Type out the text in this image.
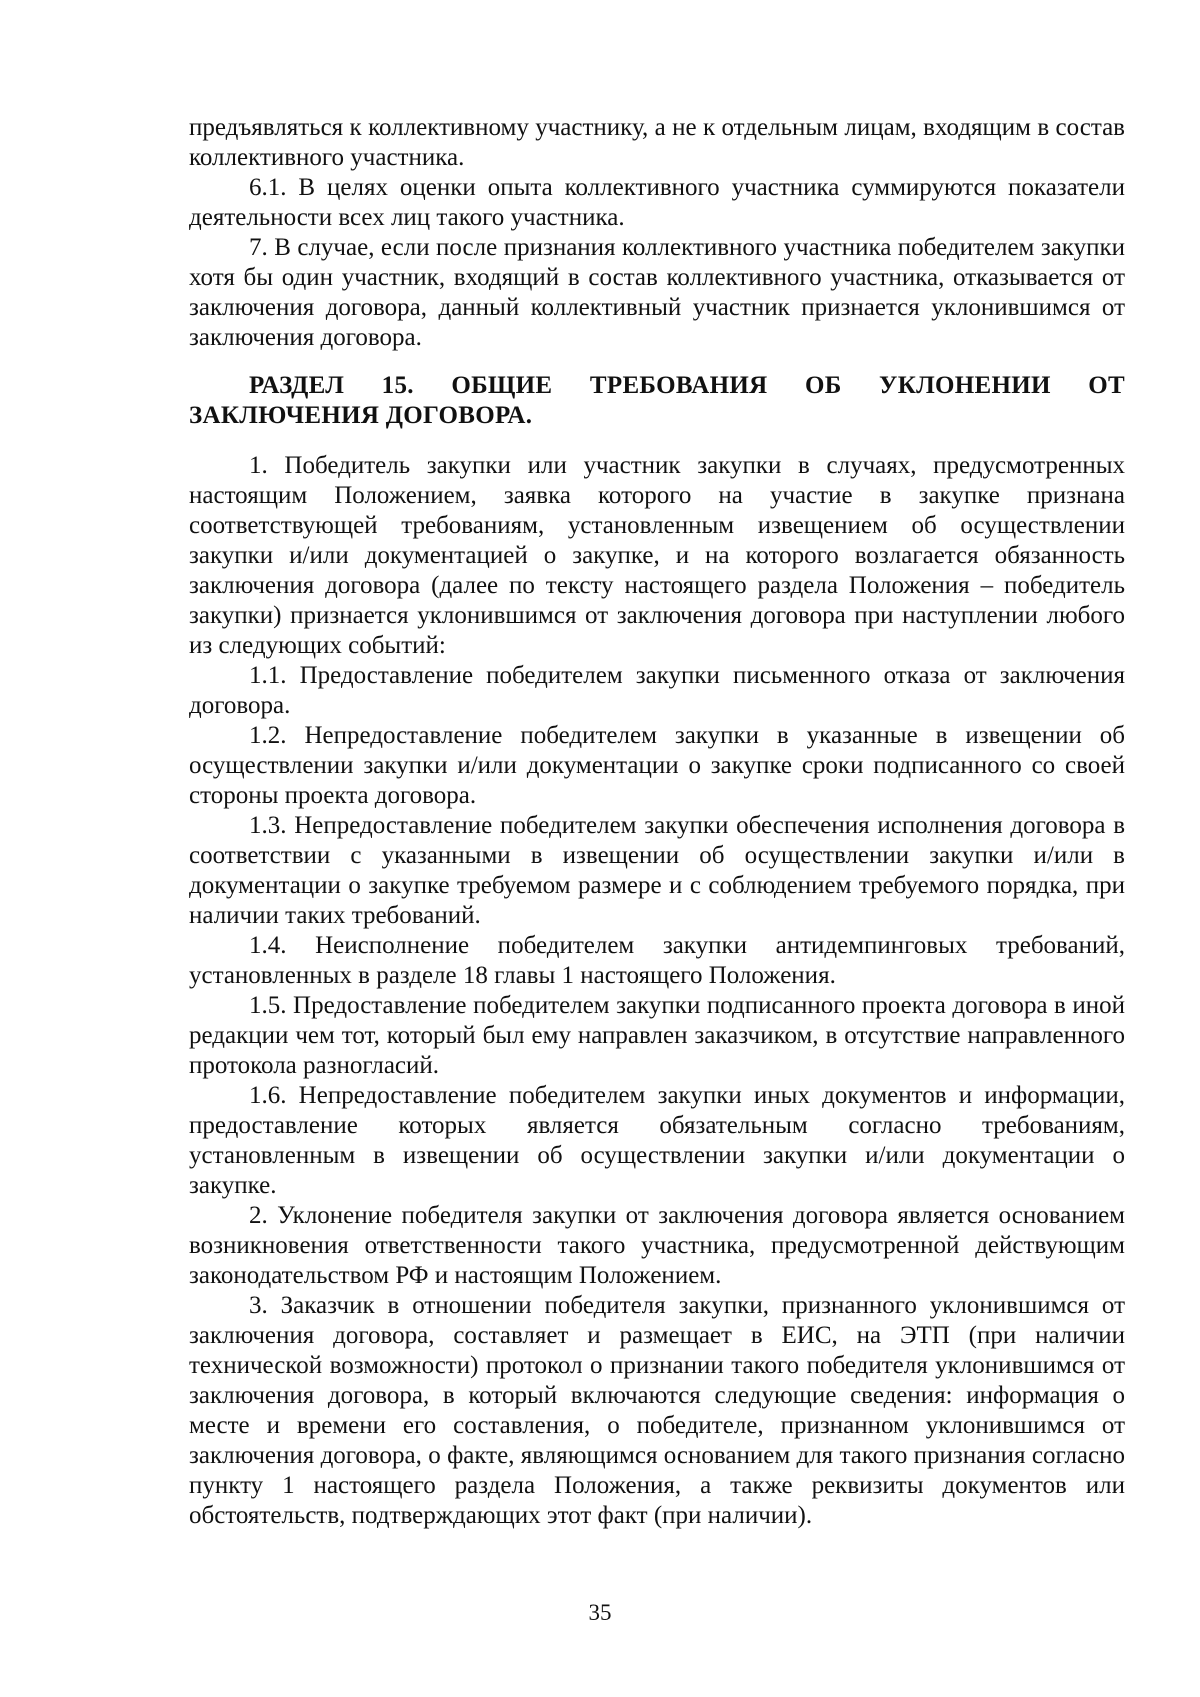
предъявляться к коллективному участнику, а не к отдельным лицам, входящим в состав коллективного участника.

6.1. В целях оценки опыта коллективного участника суммируются показатели деятельности всех лиц такого участника.

7. В случае, если после признания коллективного участника победителем закупки хотя бы один участник, входящий в состав коллективного участника, отказывается от заключения договора, данный коллективный участник признается уклонившимся от заключения договора.

РАЗДЕЛ 15. ОБЩИЕ ТРЕБОВАНИЯ ОБ УКЛОНЕНИИ ОТ ЗАКЛЮЧЕНИЯ ДОГОВОРА.

1. Победитель закупки или участник закупки в случаях, предусмотренных настоящим Положением, заявка которого на участие в закупке признана соответствующей требованиям, установленным извещением об осуществлении закупки и/или документацией о закупке, и на которого возлагается обязанность заключения договора (далее по тексту настоящего раздела Положения – победитель закупки) признается уклонившимся от заключения договора при наступлении любого из следующих событий:

1.1. Предоставление победителем закупки письменного отказа от заключения договора.

1.2. Непредоставление победителем закупки в указанные в извещении об осуществлении закупки и/или документации о закупке сроки подписанного со своей стороны проекта договора.

1.3. Непредоставление победителем закупки обеспечения исполнения договора в соответствии с указанными в извещении об осуществлении закупки и/или в документации о закупке требуемом размере и с соблюдением требуемого порядка, при наличии таких требований.

1.4. Неисполнение победителем закупки антидемпинговых требований, установленных в разделе 18 главы 1 настоящего Положения.

1.5. Предоставление победителем закупки подписанного проекта договора в иной редакции чем тот, который был ему направлен заказчиком, в отсутствие направленного протокола разногласий.

1.6. Непредоставление победителем закупки иных документов и информации, предоставление которых является обязательным согласно требованиям, установленным в извещении об осуществлении закупки и/или документации о закупке.

2. Уклонение победителя закупки от заключения договора является основанием возникновения ответственности такого участника, предусмотренной действующим законодательством РФ и настоящим Положением.

3. Заказчик в отношении победителя закупки, признанного уклонившимся от заключения договора, составляет и размещает в ЕИС, на ЭТП (при наличии технической возможности) протокол о признании такого победителя уклонившимся от заключения договора, в который включаются следующие сведения: информация о месте и времени его составления, о победителе, признанном уклонившимся от заключения договора, о факте, являющимся основанием для такого признания согласно пункту 1 настоящего раздела Положения, а также реквизиты документов или обстоятельств, подтверждающих этот факт (при наличии).

35
